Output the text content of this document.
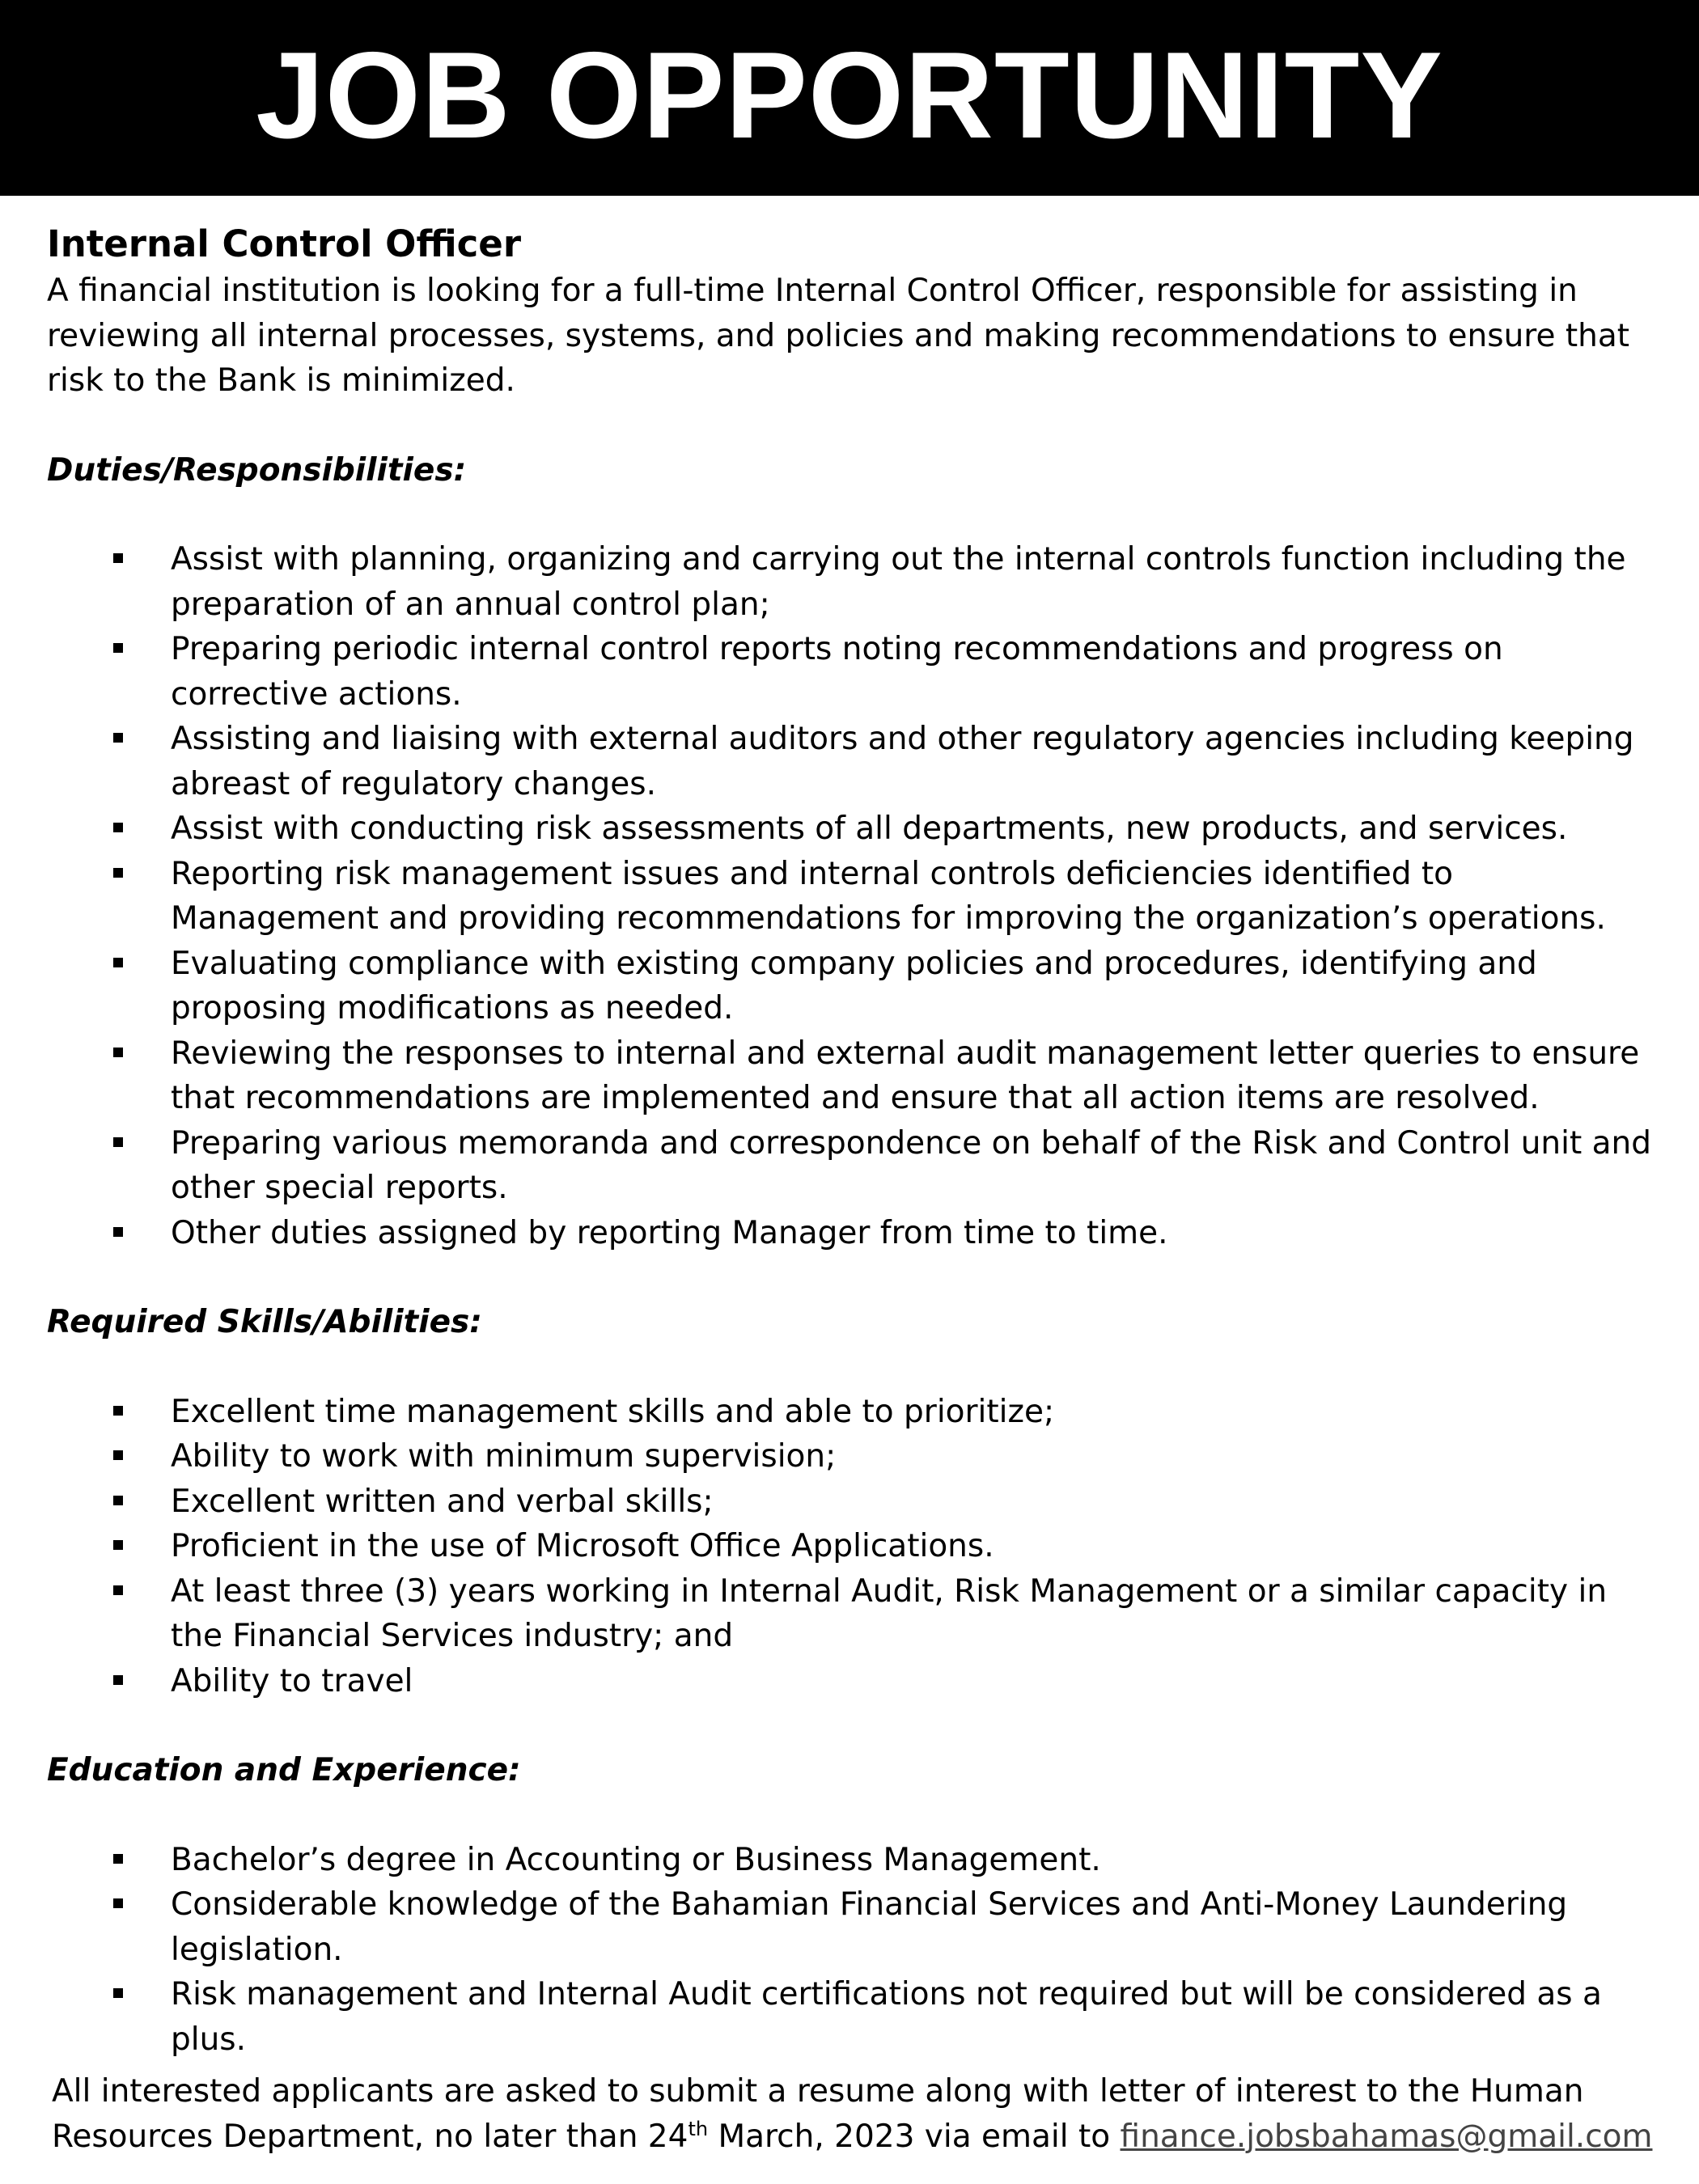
JOB OPPORTUNITY
Internal Control Officer

A financial institution is looking for a full-time Internal Control Officer, responsible for assisting in reviewing all internal processes, systems, and policies and making recommendations to ensure that risk to the Bank is minimized.

Duties/Responsibilities:
Assist with planning, organizing and carrying out the internal controls function including the preparation of an annual control plan;
Preparing periodic internal control reports noting recommendations and progress on corrective actions.
Assisting and liaising with external auditors and other regulatory agencies including keeping abreast of regulatory changes.
Assist with conducting risk assessments of all departments, new products, and services.
Reporting risk management issues and internal controls deficiencies identified to Management and providing recommendations for improving the organization’s operations.
Evaluating compliance with existing company policies and procedures, identifying and proposing modifications as needed.
Reviewing the responses to internal and external audit management letter queries to ensure that recommendations are implemented and ensure that all action items are resolved.
Preparing various memoranda and correspondence on behalf of the Risk and Control unit and other special reports.
Other duties assigned by reporting Manager from time to time.
Required Skills/Abilities:
Excellent time management skills and able to prioritize;
Ability to work with minimum supervision;
Excellent written and verbal skills;
Proficient in the use of Microsoft Office Applications.
At least three (3) years working in Internal Audit, Risk Management or a similar capacity in the Financial Services industry; and
Ability to travel
Education and Experience:
Bachelor’s degree in Accounting or Business Management.
Considerable knowledge of the Bahamian Financial Services and Anti-Money Laundering legislation.
Risk management and Internal Audit certifications not required but will be considered as a plus.

All interested applicants are asked to submit a resume along with letter of interest to the Human Resources Department, no later than 24th March, 2023 via email to finance.jobsbahamas@gmail.com
